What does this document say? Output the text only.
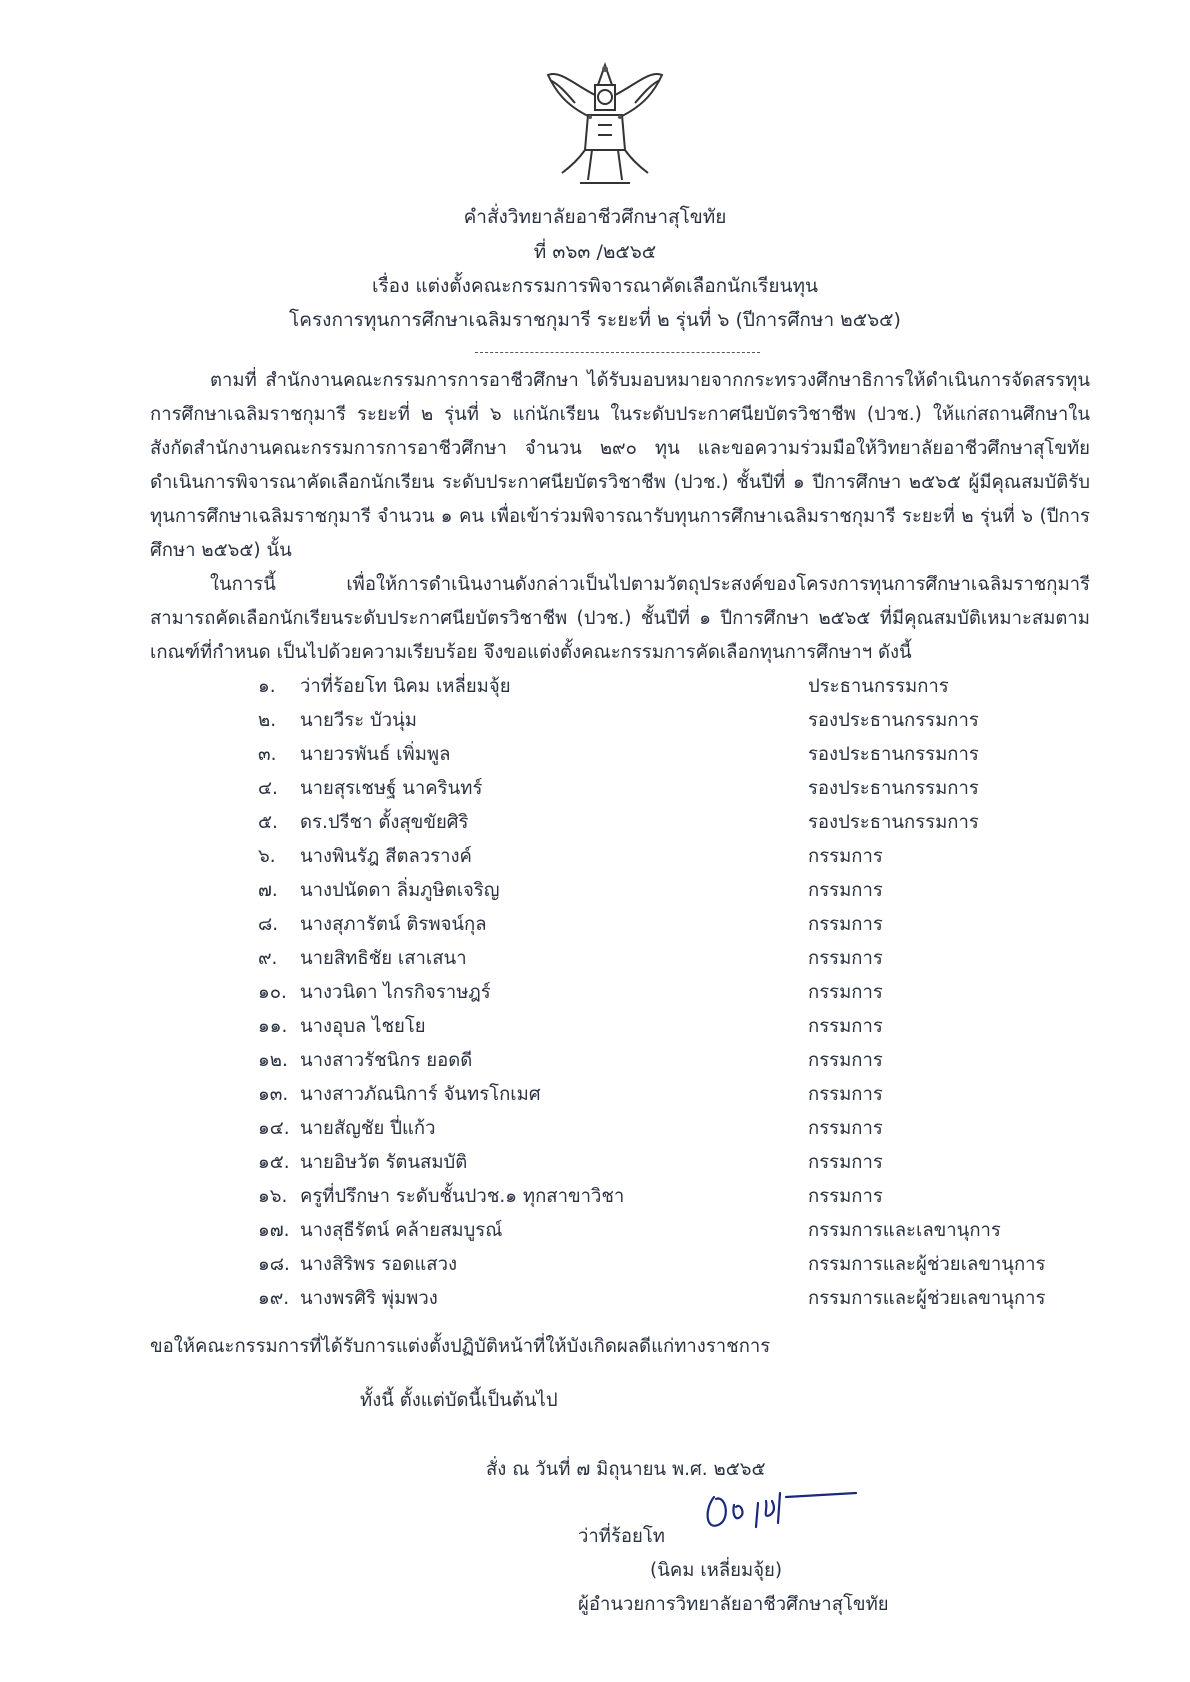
คำสั่งวิทยาลัยอาชีวศึกษาสุโขทัย
ที่ ๓๖๓ /๒๕๖๕
เรื่อง แต่งตั้งคณะกรรมการพิจารณาคัดเลือกนักเรียนทุน
โครงการทุนการศึกษาเฉลิมราชกุมารี ระยะที่ ๒ รุ่นที่ ๖ (ปีการศึกษา ๒๕๖๕)
ตามที่ สำนักงานคณะกรรมการการอาชีวศึกษา ได้รับมอบหมายจากกระทรวงศึกษาธิการให้ดำเนินการจัดสรรทุนการศึกษาเฉลิมราชกุมารี ระยะที่ ๒ รุ่นที่ ๖ แก่นักเรียน ในระดับประกาศนียบัตรวิชาชีพ (ปวช.) ให้แก่สถานศึกษาในสังกัดสำนักงานคณะกรรมการการอาชีวศึกษา จำนวน ๒๙๐ ทุน และขอความร่วมมือให้วิทยาลัยอาชีวศึกษาสุโขทัย ดำเนินการพิจารณาคัดเลือกนักเรียน ระดับประกาศนียบัตรวิชาชีพ (ปวช.) ชั้นปีที่ ๑ ปีการศึกษา ๒๕๖๕ ผู้มีคุณสมบัติรับทุนการศึกษาเฉลิมราชกุมารี จำนวน ๑ คน เพื่อเข้าร่วมพิจารณารับทุนการศึกษาเฉลิมราชกุมารี ระยะที่ ๒ รุ่นที่ ๖ (ปีการศึกษา ๒๕๖๕) นั้น
ในการนี้ เพื่อให้การดำเนินงานดังกล่าวเป็นไปตามวัตถุประสงค์ของโครงการทุนการศึกษาเฉลิมราชกุมารี สามารถคัดเลือกนักเรียนระดับประกาศนียบัตรวิชาชีพ (ปวช.) ชั้นปีที่ ๑ ปีการศึกษา ๒๕๖๕ ที่มีคุณสมบัติเหมาะสมตามเกณฑ์ที่กำหนด เป็นไปด้วยความเรียบร้อย จึงขอแต่งตั้งคณะกรรมการคัดเลือกทุนการศึกษาฯ ดังนี้
๑.	ว่าที่ร้อยโท นิคม เหลี่ยมจุ้ย	ประธานกรรมการ
๒.	นายวีระ บัวนุ่ม	รองประธานกรรมการ
๓.	นายวรพันธ์ เพิ่มพูล	รองประธานกรรมการ
๔.	นายสุรเชษฐ์ นาครินทร์	รองประธานกรรมการ
๕.	ดร.ปรีชา ตั้งสุขขัยศิริ	รองประธานกรรมการ
๖.	นางพินรัฎ สีตลวรางค์	กรรมการ
๗.	นางปนัดดา ลิ่มภูษิตเจริญ	กรรมการ
๘.	นางสุภารัตน์ ติรพจน์กุล	กรรมการ
๙.	นายสิทธิชัย เสาเสนา	กรรมการ
๑๐. นางวนิดา ไกรกิจราษฎร์	กรรมการ
๑๑. นางอุบล ไชยโย	กรรมการ
๑๒. นางสาวรัชนิกร ยอดดี	กรรมการ
๑๓. นางสาวภัณนิการ์ จันทรโกเมศ	กรรมการ
๑๔. นายสัญชัย ปี่แก้ว	กรรมการ
๑๕. นายอิษวัต รัตนสมบัติ	กรรมการ
๑๖. ครูที่ปรึกษา ระดับชั้นปวช.๑ ทุกสาขาวิชา	กรรมการ
๑๗. นางสุธีรัตน์ คล้ายสมบูรณ์	กรรมการและเลขานุการ
๑๘. นางสิริพร รอดแสวง	กรรมการและผู้ช่วยเลขานุการ
๑๙. นางพรศิริ พุ่มพวง	กรรมการและผู้ช่วยเลขานุการ
ขอให้คณะกรรมการที่ได้รับการแต่งตั้งปฏิบัติหน้าที่ให้บังเกิดผลดีแก่ทางราชการ
ทั้งนี้ ตั้งแต่บัดนี้เป็นต้นไป
สั่ง ณ วันที่ ๗ มิถุนายน พ.ศ. ๒๕๖๕
ว่าที่ร้อยโท
(นิคม เหลี่ยมจุ้ย)
ผู้อำนวยการวิทยาลัยอาชีวศึกษาสุโขทัย
